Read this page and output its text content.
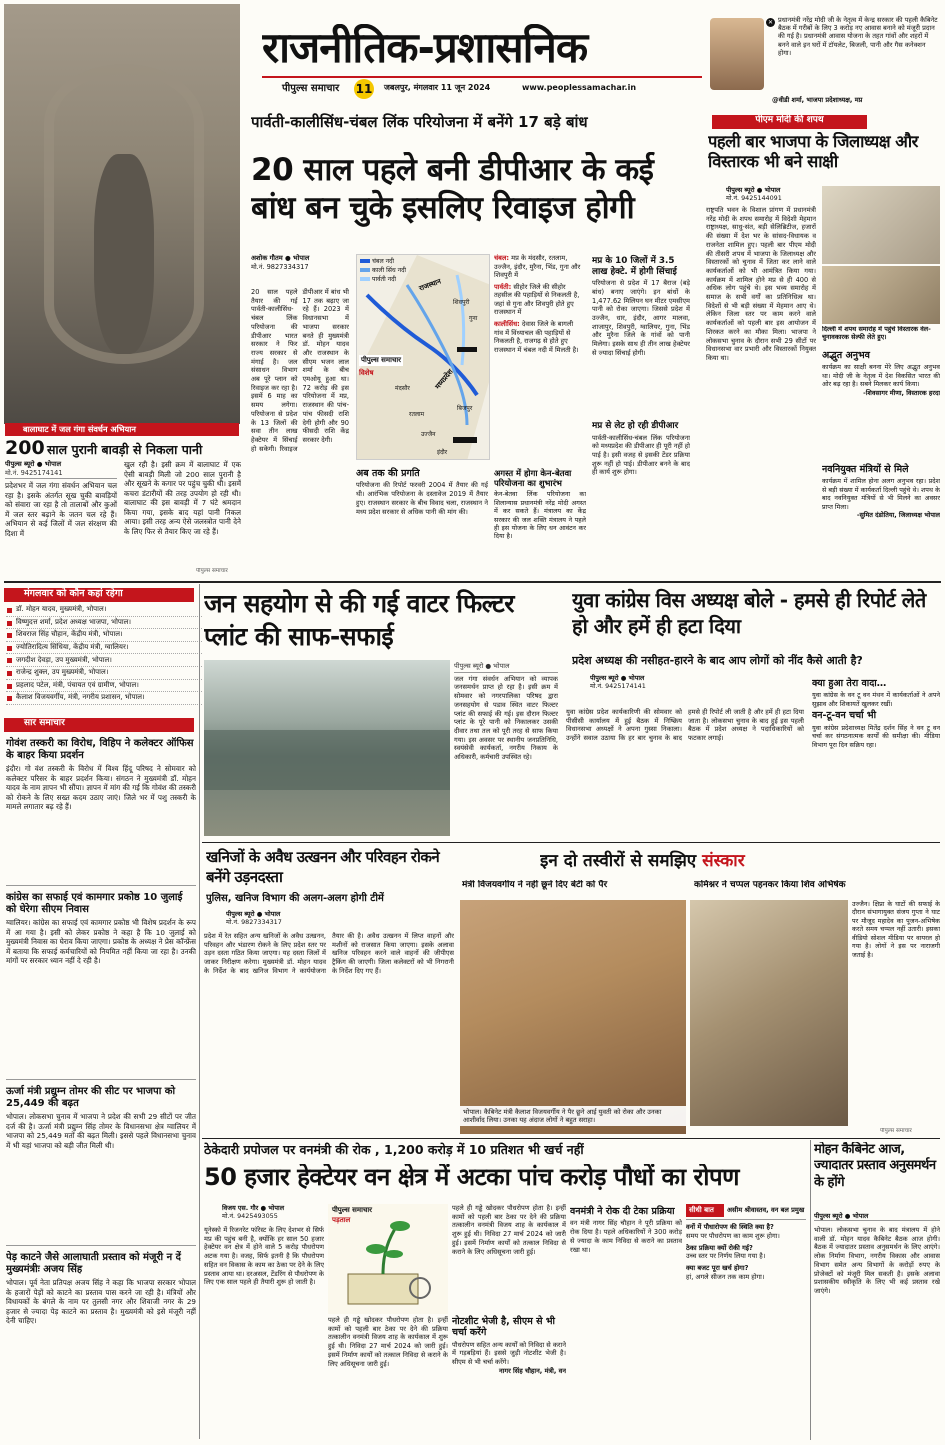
राजनीतिक-प्रशासनिक
पीपुल्स समाचार 11 जबलपुर, मंगलवार 11 जून 2024	www.peoplessamachar.in
✕ प्रधानमंत्री नरेंद्र मोदी जी के नेतृत्व में केन्द्र सरकार की पहली कैबिनेट बैठक में गरीबों के लिए 3 करोड़ नए आवास बनाने को मंजूरी प्रदान की गई है। प्रधानमंत्री आवास योजना के तहत गांवों और शहरों में बनने वाले इन घरों में टॉयलेट, बिजली, पानी और गैस कनेक्शन होगा।
@वीडी शर्मा, भाजपा प्रदेशाध्यक्ष, मप्र
बालाघाट में जल गंगा संवर्धन अभियान
200 साल पुरानी बावड़ी से निकला पानी
पीपुल्स ब्यूरो ● भोपाल
मो.नं. 9425174141
प्रदेशभर में जल गंगा संवर्धन अभियान चल रहा है। इसके अंतर्गत सूख चुकी बावड़ियों को संवारा जा रहा है तो तालाबों और कुओं में जल स्तर बढ़ाने के जतन चल रहे हैं। अभियान से कई जिलों में जल संरक्षण की दिशा में
खुल रही है। इसी क्रम में बालाघाट में एक ऐसी बावड़ी मिली जो 200 साल पुरानी है और सूखने के कगार पर पहुंच चुकी थी। इसमें कचरा डंटारीयों की तरह उपयोग हो रही थी। बालाघाट की इस बावड़ी में 7 घंटे श्रमदान किया गया, इसके बाद यहां पानी निकल आया। इसी तरह अन्य ऐसे जलस्त्रोत पानी देने के लिए फिर से तैयार किए जा रहे हैं।
पीपुल्स समाचार
पार्वती-कालीसिंध-चंबल लिंक परियोजना में बनेंगे 17 बड़े बांध
20 साल पहले बनी डीपीआर के कई बांध बन चुके इसलिए रिवाइज होगी
अशोक गौतम ● भोपाल
मो.नं. 9827334317
20 साल पहले तैयार की गई पार्वती-कालीसिंध-चंबल लिंक परियोजना की डीपीआर भारत सरकार ने फिर राज्य सरकार से मंगाई है। जल संसाधन विभाग अब पूरे प्लान को रिवाइज कर रहा है। इसमें 6 माह का समय लगेगा। परियोजना से प्रदेश के 13 जिलों की सवा तीन लाख हेक्टेयर में सिंचाई हो सकेगी। रिवाइज डीपीआर में बांध भी 17 तक बढ़ाए जा रहे हैं। 2023 में विधानसभा में भाजपा सरकार बनते ही मुख्यमंत्री डॉ. मोहन यादव और राजस्थान के सीएम भजन लाल शर्मा के बीच एमओयू हुआ था। 72 करोड़ की इस परियोजना में मप्र, राजस्थान की पांच-पांच फीसदी राशि देगी होगी और 90 फीसदी राशि केंद्र सरकार देगी।
चंबल नदी
काली सिंध नदी
पार्वती नदी	राजस्थान
मध्यप्रदेश
गुना
शिवपुरी
उज्जैन
इंदौर
रतलाम
मंदसौर
बिजपुर
पीपुल्स समाचार
विशेष
चंबल: मप्र के मंदसौर, रतलाम, उज्जैन, इंदौर, मुरैना, भिंड, गुना और शिवपुरी में
पार्वती: सीहोर जिले की सीहोर तहसील की पहाड़ियों से निकलती है, जहां से गुना और शिवपुरी होते हुए राजस्थान में
कालीसिंध: देवास जिले के बागली गांव में विंध्याचल की पहाड़ियों से निकलती है, राजगढ़ से होते हुए राजस्थान में चंबल नदी में मिलती है।
मप्र के 10 जिलों में 3.5 लाख हेक्टे. में होगी सिंचाई
परियोजना से प्रदेश में 17 बैराज (बड़े बांध) बनाए जाएंगे। इन बांधों के 1,477.62 मिलियन घन मीटर एमसीएम पानी को रोका जाएगा। जिससे प्रदेश में उज्जैन, धार, इंदौर, आगर मालवा, शाजापुर, शिवपुरी, ग्वालियर, गुना, भिंड और मुरैना जिले के गांवों को पानी मिलेगा। इसके साथ ही तीन लाख हेक्टेयर से ज्यादा सिंचाई होगी।
मप्र से लेट हो रही डीपीआर
पार्वती-कालीसिंध-चंबल लिंक परियोजना को मध्यप्रदेश की डीपीआर ही पूरी नहीं हो पाई है। इसी वजह से इसकी टेंडर प्रक्रिया शुरू नहीं हो पाई। डीपीआर बनने के बाद ही कार्य शुरू होगा।
अब तक की प्रगति
परियोजना की रिपोर्ट फरवरी 2004 में तैयार की गई थी। आरंभिक परियोजना के दस्तावेज 2019 में तैयार हुए। राजस्थान सरकार के बीच विवाद चला, राजस्थान ने मध्य प्रदेश सरकार से अधिक पानी की मांग की।
अगस्त में होगा केन-बेतवा परियोजना का शुभारंभ
केन-बेतवा लिंक परियोजना का शिलान्यास प्रधानमंत्री नरेंद्र मोदी अगस्त में कर सकते हैं। मंत्रालय का केंद्र सरकार की जल शक्ति मंत्रालय ने पहले ही इस योजना के लिए धन आवंटन कर दिया है।
पीएम मोदी की शपथ
पहली बार भाजपा के जिलाध्यक्ष और विस्तारक भी बने साक्षी
पीपुल्स ब्यूरो ● भोपाल
मो.नं. 9425144091
राष्ट्रपति भवन के विशाल प्रांगण में प्रधानमंत्री नरेंद्र मोदी के शपथ समारोह में विदेशी मेहमान राष्ट्राध्यक्ष, साधु-संत, बड़ी सेलिब्रिटीज, हजारों की संख्या में देश भर के सांसद-विधायक व राजनेता शामिल हुए। पहली बार पीएम मोदी की तीसरी शपथ में भाजपा के जिलाध्यक्ष और विस्तारकों को चुनाव में जिता कर लाने वाले कार्यकर्ताओं को भी आमंत्रित किया गया। कार्यक्रम में शामिल होने मप्र से ही 400 से अधिक लोग पहुंचे थे। इस भव्य समारोह में समाज के सभी वर्गों का प्रतिनिधित्व था। विदेशों से भी बड़ी संख्या में मेहमान आए थे। लेकिन जिला स्तर पर काम करने वाले कार्यकर्ताओं को पहली बार इस आयोजन में शिरकत करने का मौका मिला। भाजपा ने लोकसभा चुनाव के दौरान सभी 29 सीटों पर विधानसभा वार प्रभारी और विस्तारकों नियुक्त किया था।
दिल्ली में शपथ समारोह में पहुंचे विस्तारक वेल-चुनावकारक सेल्फी लेते हुए।
अद्भुत अनुभव
कार्यक्रम का साक्षी बनना मेरे लिए अद्भुत अनुभव था। मोदी जी के नेतृत्व में देश विकसित भारत की ओर बढ़ रहा है। सबने मिलकर कार्य किया।
-शिवसागर मीणा, विस्तारक हरदा
नवनियुक्त मंत्रियों से मिले
कार्यक्रम में शामिल होना अलग अनुभव रहा। प्रदेश से बड़ी संख्या में कार्यकर्ता दिल्ली पहुंचे थे। शपथ के बाद नवनियुक्त मंत्रियों से भी मिलने का अवसर प्राप्त मिला।
-सुमित दंडोतिया, जिलाध्यक्ष भोपाल
मंगलवार को कौन कहां रहेगा
डॉ. मोहन यादव, मुख्यमंत्री, भोपाल।
विष्णुदत्त शर्मा, प्रदेश अध्यक्ष भाजपा, भोपाल।
शिवराज सिंह चौहान, केंद्रीय मंत्री, भोपाल।
ज्योतिरादित्य सिंधिया, केंद्रीय मंत्री, ग्वालियर।
जगदीश देवड़ा, उप मुख्यमंत्री, भोपाल।
राजेन्द्र शुक्ल, उप मुख्यमंत्री, भोपाल।
प्रहलाद पटेल, मंत्री, पंचायत एवं ग्रामीण, भोपाल।
कैलाश विजयवर्गीय, मंत्री, नगरीय प्रशासन, भोपाल।
सार समाचार
गोवंश तस्करी का विरोध, विहिप ने कलेक्टर ऑफिस के बाहर किया प्रदर्शन
इंदौर। गो वंश तस्करी के विरोध में विश्व हिंदू परिषद ने सोमवार को कलेक्टर परिसर के बाहर प्रदर्शन किया। संगठन ने मुख्यमंत्री डॉ. मोहन यादव के नाम ज्ञापन भी सौंपा। ज्ञापन में मांग की गई कि गोवंश की तस्करी को रोकने के लिए सख्त कदम उठाए जाएं। जिले भर में पशु तस्करी के मामले लगातार बढ़ रहे हैं।
कांग्रेस का सफाई एवं कामगार प्रकोष्ठ 10 जुलाई को घेरेगा सीएम निवास
ग्वालियर। कांग्रेस का सफाई एवं कामगार प्रकोष्ठ भी विशेष प्रदर्शन के रूप में आ गया है। इसी को लेकर प्रकोष्ठ ने कहा है कि 10 जुलाई को मुख्यमंत्री निवास का घेराव किया जाएगा। प्रकोष्ठ के अध्यक्ष ने प्रेस कॉन्फ्रेंस में बताया कि सफाई कर्मचारियों को नियमित नहीं किया जा रहा है। उनकी मांगों पर सरकार ध्यान नहीं दे रही है।
ऊर्जा मंत्री प्रद्युम्न तोमर की सीट पर भाजपा को 25,449 की बढ़त
भोपाल। लोकसभा चुनाव में भाजपा ने प्रदेश की सभी 29 सीटों पर जीत दर्ज की है। ऊर्जा मंत्री प्रद्युम्न सिंह तोमर के विधानसभा क्षेत्र ग्वालियर में भाजपा को 25,449 मतों की बढ़त मिली। इससे पहले विधानसभा चुनाव में भी यहां भाजपा को बड़ी जीत मिली थी।
पेड़ काटने जैसे आलाघाती प्रस्ताव को मंजूरी न दें मुख्यमंत्रीः अजय सिंह
भोपाल। पूर्व नेता प्रतिपक्ष अजय सिंह ने कहा कि भाजपा सरकार भोपाल के हजारों पेड़ों को काटने का प्रस्ताव पास करने जा रही है। मंत्रियों और विधायकों के बंगले के नाम पर तुलसी नगर और शिवाजी नगर के 29 हजार से ज्यादा पेड़ काटने का प्रस्ताव है। मुख्यमंत्री को इसे मंजूरी नहीं देनी चाहिए।
जन सहयोग से की गई वाटर फिल्टर प्लांट की साफ-सफाई
पीपुल्स ब्यूरो ● भोपाल
जल गंगा संवर्धन अभियान को व्यापक जनसमर्थन प्राप्त हो रहा है। इसी क्रम में सोमवार को नगरपालिका परिषद द्वारा जनसहयोग से पडाव स्थित वाटर फिल्टर प्लांट की सफाई की गई। इस दौरान फिल्टर प्लांट के पूरे पानी को निकालकर उसकी दीवार तथा तल को पूरी तरह से साफ किया गया। इस अवसर पर स्थानीय जनप्रतिनिधि, स्वयंसेवी कार्यकर्ता, नगरीय निकाय के अधिकारी, कर्मचारी उपस्थित रहे।
युवा कांग्रेस विस अध्यक्ष बोले - हमसे ही रिपोर्ट लेते हो और हमें ही हटा दिया
प्रदेश अध्यक्ष की नसीहत-हारने के बाद आप लोगों को नींद कैसे आती है?
पीपुल्स ब्यूरो ● भोपाल
मो.नं. 9425174141
युवा कांग्रेस प्रदेश कार्यकारिणी की सोमवार को पीसीसी कार्यालय में हुई बैठक में निष्क्रिय विधानसभा अध्यक्षों ने अपना गुस्सा निकाला। उन्होंने सवाल उठाया कि हर बार चुनाव के बाद हमसे ही रिपोर्ट ली जाती है और हमें ही हटा दिया जाता है। लोकसभा चुनाव के बाद हुई इस पहली बैठक में प्रदेश अध्यक्ष ने पदाधिकारियों को फटकार लगाई।
क्या हुआ तेरा वादा…
युवा कांग्रेस के वन टू वन मंथन में कार्यकर्ताओं ने अपने सुझाव और शिकायतें खुलकर रखीं।
वन-टू-वन चर्चा भी
युवा कांग्रेस प्रदेशाध्यक्ष मितेंद्र दर्शन सिंह ने वन टू वन चर्चा कर संगठनात्मक कार्यों की समीक्षा की। मीडिया विभाग पूरा दिन सक्रिय रहा।
खनिजों के अवैध उत्खनन और परिवहन रोकने बनेंगे उड़नदस्ता
पुलिस, खनिज विभाग की अलग-अलग होगी टीमें
पीपुल्स ब्यूरो ● भोपाल
मो.नं. 9827334317
प्रदेश में रेत सहित अन्य खनिजों के अवैध उत्खनन, परिवहन और भंडारण रोकने के लिए प्रदेश स्तर पर उड़न दस्ता गठित किया जाएगा। यह दस्ता जिलों में जाकर निरीक्षण करेगा। मुख्यमंत्री डॉ. मोहन यादव के निर्देश के बाद खनिज विभाग ने कार्ययोजना तैयार की है। अवैध उत्खनन में लिप्त वाहनों और मशीनों को राजसात किया जाएगा। इसके अलावा खनिज परिवहन करने वाले वाहनों की जीपीएस ट्रैकिंग की जाएगी। जिला कलेक्टरों को भी निगरानी के निर्देश दिए गए हैं।
इन दो तस्वीरों से समझिए संस्कार
मंत्री विजयवर्गीय ने नहीं छूने दिए बेटी को पैर	कमिश्नर ने चप्पल पहनकर किया शिव अभिषेक
भोपाल। कैबिनेट मंत्री कैलाश विजयवर्गीय ने पैर छूने आई युवती को रोका और उनका आशीर्वाद लिया। उनका यह अंदाज लोगों ने बहुत सराहा।
उज्जैन। क्षिप्रा के घाटों की सफाई के दौरान संभागायुक्त संजय गुप्ता ने घाट पर मौजूद महादेव का पूजन-अभिषेक करते समय चप्पल नहीं उतारी। इसका वीडियो सोशल मीडिया पर वायरल हो गया है। लोगों ने इस पर नाराजगी जताई है।
पीपुल्स समाचार
ठेकेदारी प्रपोजल पर वनमंत्री की रोक , 1,200 करोड़ में 10 प्रतिशत भी खर्च नहीं
50 हजार हेक्टेयर वन क्षेत्र में अटका पांच करोड़ पौधों का रोपण
विजय एस. गौर ● भोपाल
मो.नं. 9425493055
यूनेस्को में रिजनरेट फॉरेस्ट के लिए देशभर से सिर्फ मप्र की पहुंच बनी है, क्योंकि हर साल 50 हजार हेक्टेयर वन क्षेत्र में होने वाले 5 करोड़ पौधरोपण अटक गया है। वजह, सिर्फ इतनी है कि पौधरोपण सहित वन विकास के काम का ठेका पर देने के लिए प्रस्ताव आया था। दरअसल, टेंडरिंग से पौधरोपण के लिए एक साल पहले ही तैयारी शुरू हो जाती है।
पीपुल्स समाचार
पड़ताल
पहले ही गड्ढे खोदकर पौधरोपण होता है। इन्हीं कामों को पहली बार ठेका पर देने की प्रक्रिया तत्कालीन वनमंत्री विजय शाह के कार्यकाल में शुरू हुई थी। निविदा 27 मार्च 2024 को जारी हुई। इसमें निर्माण कार्यों को तत्काल निविदा से कराने के लिए अधिसूचना जारी हुई।
पहले ही गड्ढे खोदकर पौधरोपण होता है। इन्हीं कामों को पहली बार ठेका पर देने की प्रक्रिया तत्कालीन वनमंत्री विजय शाह के कार्यकाल में शुरू हुई थी। निविदा 27 मार्च 2024 को जारी हुई। इसमें निर्माण कार्यों को तत्काल निविदा से कराने के लिए अधिसूचना जारी हुई।
नोटशीट भेजी है, सीएम से भी चर्चा करेंगे
पौधरोपण सहित अन्य कार्यों को निविदा से कराने में गड़बड़ियां हैं। इससे जुड़ी नोटशीट भेजी है। सीएम से भी चर्चा करेंगे।
नागर सिंह चौहान, मंत्री, वन
वनमंत्री ने रोक दी टेका प्रक्रिया
वन मंत्री नागर सिंह चौहान ने पूरी प्रक्रिया को रोक दिया है। पहले अधिकारियों ने 300 करोड़ से ज्यादा के काम निविदा से कराने का प्रस्ताव रखा था।
सीधी बात	असीम श्रीवास्तव, वन बल प्रमुख
वनों में पौधारोपण की स्थिति क्या है?
समय पर पौधरोपण का काम शुरू होगा।
ठेका प्रक्रिया क्यों रोकी गई?
उच्च स्तर पर निर्णय लिया गया है।
क्या बजट पूरा खर्च होगा?
हां, अगले सीजन तक काम होगा।
मोहन कैबिनेट आज, ज्यादातर प्रस्ताव अनुसमर्थन के होंगे
पीपुल्स ब्यूरो ● भोपाल
भोपाल। लोकसभा चुनाव के बाद मंत्रालय में होने वाली डॉ. मोहन यादव कैबिनेट बैठक आज होगी। बैठक में ज्यादातर प्रस्ताव अनुसमर्थन के लिए आएंगे। लोक निर्माण विभाग, नगरीय विकास और आवास विभाग समेत अन्य विभागों के करोड़ों रुपए के प्रोजेक्टों को मंजूरी मिल सकती है। इसके अलावा प्रशासकीय स्वीकृति के लिए भी कई प्रस्ताव रखे जाएंगे।
